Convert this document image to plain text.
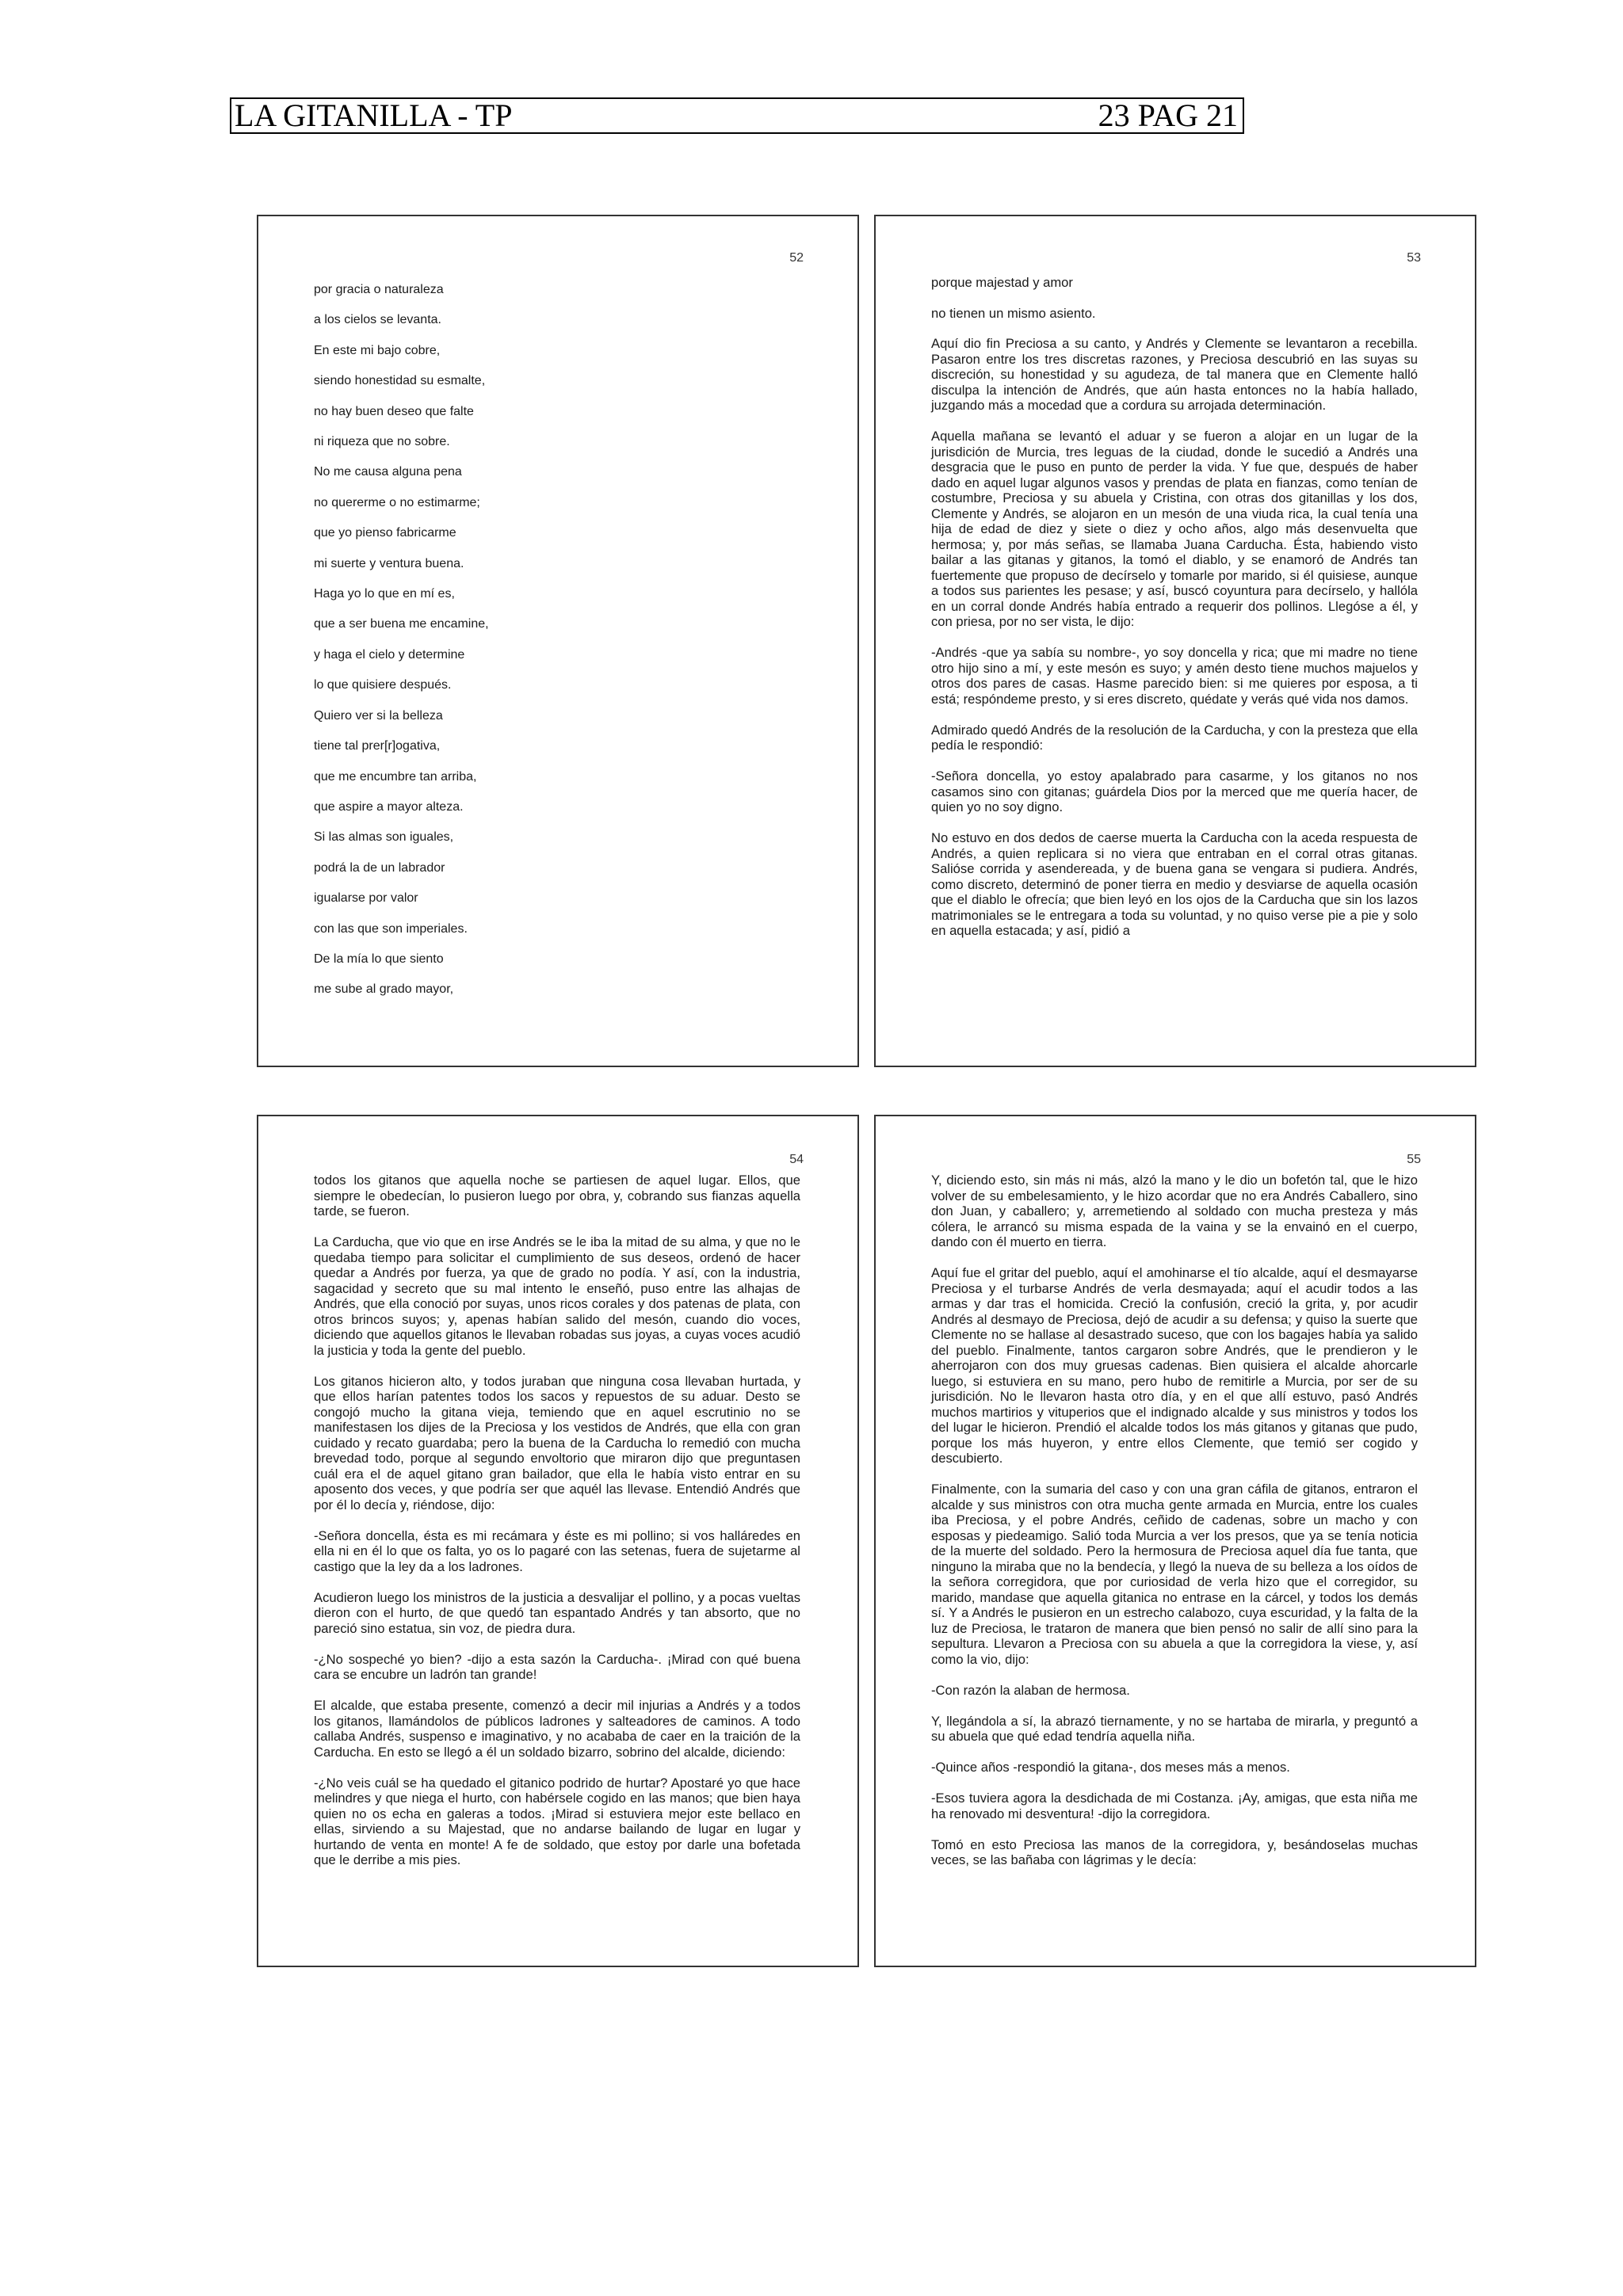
LA GITANILLA - TP	23 PAG 21
52
por gracia o naturaleza
a los cielos se levanta.
En este mi bajo cobre,
siendo honestidad su esmalte,
no hay buen deseo que falte
ni riqueza que no sobre.
No me causa alguna pena
no quererme o no estimarme;
que yo pienso fabricarme
mi suerte y ventura buena.
Haga yo lo que en mí es,
que a ser buena me encamine,
y haga el cielo y determine
lo que quisiere después.
Quiero ver si la belleza
tiene tal prer[r]ogativa,
que me encumbre tan arriba,
que aspire a mayor alteza.
Si las almas son iguales,
podrá la de un labrador
igualarse por valor
con las que son imperiales.
De la mía lo que siento
me sube al grado mayor,
53

porque majestad y amor

no tienen un mismo asiento.

Aquí dio fin Preciosa a su canto, y Andrés y Clemente se levantaron a recebilla. Pasaron entre los tres discretas razones, y Preciosa descubrió en las suyas su discreción, su honestidad y su agudeza, de tal manera que en Clemente halló disculpa la intención de Andrés, que aún hasta entonces no la había hallado, juzgando más a mocedad que a cordura su arrojada determinación.

Aquella mañana se levantó el aduar y se fueron a alojar en un lugar de la jurisdición de Murcia, tres leguas de la ciudad, donde le sucedió a Andrés una desgracia que le puso en punto de perder la vida. Y fue que, después de haber dado en aquel lugar algunos vasos y prendas de plata en fianzas, como tenían de costumbre, Preciosa y su abuela y Cristina, con otras dos gitanillas y los dos, Clemente y Andrés, se alojaron en un mesón de una viuda rica, la cual tenía una hija de edad de diez y siete o diez y ocho años, algo más desenvuelta que hermosa; y, por más señas, se llamaba Juana Carducha. Ésta, habiendo visto bailar a las gitanas y gitanos, la tomó el diablo, y se enamoró de Andrés tan fuertemente que propuso de decírselo y tomarle por marido, si él quisiese, aunque a todos sus parientes les pesase; y así, buscó coyuntura para decírselo, y hallóla en un corral donde Andrés había entrado a requerir dos pollinos. Llegóse a él, y con priesa, por no ser vista, le dijo:

-Andrés -que ya sabía su nombre-, yo soy doncella y rica; que mi madre no tiene otro hijo sino a mí, y este mesón es suyo; y amén desto tiene muchos majuelos y otros dos pares de casas. Hasme parecido bien: si me quieres por esposa, a ti está; respóndeme presto, y si eres discreto, quédate y verás qué vida nos damos.

Admirado quedó Andrés de la resolución de la Carducha, y con la presteza que ella pedía le respondió:

-Señora doncella, yo estoy apalabrado para casarme, y los gitanos no nos casamos sino con gitanas; guárdela Dios por la merced que me quería hacer, de quien yo no soy digno.

No estuvo en dos dedos de caerse muerta la Carducha con la aceda respuesta de Andrés, a quien replicara si no viera que entraban en el corral otras gitanas. Salióse corrida y asendereada, y de buena gana se vengara si pudiera. Andrés, como discreto, determinó de poner tierra en medio y desviarse de aquella ocasión que el diablo le ofrecía; que bien leyó en los ojos de la Carducha que sin los lazos matrimoniales se le entregara a toda su voluntad, y no quiso verse pie a pie y solo en aquella estacada; y así, pidió a

54

todos los gitanos que aquella noche se partiesen de aquel lugar. Ellos, que siempre le obedecían, lo pusieron luego por obra, y, cobrando sus fianzas aquella tarde, se fueron.

La Carducha, que vio que en irse Andrés se le iba la mitad de su alma, y que no le quedaba tiempo para solicitar el cumplimiento de sus deseos, ordenó de hacer quedar a Andrés por fuerza, ya que de grado no podía. Y así, con la industria, sagacidad y secreto que su mal intento le enseñó, puso entre las alhajas de Andrés, que ella conoció por suyas, unos ricos corales y dos patenas de plata, con otros brincos suyos; y, apenas habían salido del mesón, cuando dio voces, diciendo que aquellos gitanos le llevaban robadas sus joyas, a cuyas voces acudió la justicia y toda la gente del pueblo.

Los gitanos hicieron alto, y todos juraban que ninguna cosa llevaban hurtada, y que ellos harían patentes todos los sacos y repuestos de su aduar. Desto se congojó mucho la gitana vieja, temiendo que en aquel escrutinio no se manifestasen los dijes de la Preciosa y los vestidos de Andrés, que ella con gran cuidado y recato guardaba; pero la buena de la Carducha lo remedió con mucha brevedad todo, porque al segundo envoltorio que miraron dijo que preguntasen cuál era el de aquel gitano gran bailador, que ella le había visto entrar en su aposento dos veces, y que podría ser que aquél las llevase. Entendió Andrés que por él lo decía y, riéndose, dijo:

-Señora doncella, ésta es mi recámara y éste es mi pollino; si vos halláredes en ella ni en él lo que os falta, yo os lo pagaré con las setenas, fuera de sujetarme al castigo que la ley da a los ladrones.

Acudieron luego los ministros de la justicia a desvalijar el pollino, y a pocas vueltas dieron con el hurto, de que quedó tan espantado Andrés y tan absorto, que no pareció sino estatua, sin voz, de piedra dura.

-¿No sospeché yo bien? -dijo a esta sazón la Carducha-. ¡Mirad con qué buena cara se encubre un ladrón tan grande!

El alcalde, que estaba presente, comenzó a decir mil injurias a Andrés y a todos los gitanos, llamándolos de públicos ladrones y salteadores de caminos. A todo callaba Andrés, suspenso e imaginativo, y no acababa de caer en la traición de la Carducha. En esto se llegó a él un soldado bizarro, sobrino del alcalde, diciendo:

-¿No veis cuál se ha quedado el gitanico podrido de hurtar? Apostaré yo que hace melindres y que niega el hurto, con habérsele cogido en las manos; que bien haya quien no os echa en galeras a todos. ¡Mirad si estuviera mejor este bellaco en ellas, sirviendo a su Majestad, que no andarse bailando de lugar en lugar y hurtando de venta en monte! A fe de soldado, que estoy por darle una bofetada que le derribe a mis pies.

55

Y, diciendo esto, sin más ni más, alzó la mano y le dio un bofetón tal, que le hizo volver de su embelesamiento, y le hizo acordar que no era Andrés Caballero, sino don Juan, y caballero; y, arremetiendo al soldado con mucha presteza y más cólera, le arrancó su misma espada de la vaina y se la envainó en el cuerpo, dando con él muerto en tierra.

Aquí fue el gritar del pueblo, aquí el amohinarse el tío alcalde, aquí el desmayarse Preciosa y el turbarse Andrés de verla desmayada; aquí el acudir todos a las armas y dar tras el homicida. Creció la confusión, creció la grita, y, por acudir Andrés al desmayo de Preciosa, dejó de acudir a su defensa; y quiso la suerte que Clemente no se hallase al desastrado suceso, que con los bagajes había ya salido del pueblo. Finalmente, tantos cargaron sobre Andrés, que le prendieron y le aherrojaron con dos muy gruesas cadenas. Bien quisiera el alcalde ahorcarle luego, si estuviera en su mano, pero hubo de remitirle a Murcia, por ser de su jurisdición. No le llevaron hasta otro día, y en el que allí estuvo, pasó Andrés muchos martirios y vituperios que el indignado alcalde y sus ministros y todos los del lugar le hicieron. Prendió el alcalde todos los más gitanos y gitanas que pudo, porque los más huyeron, y entre ellos Clemente, que temió ser cogido y descubierto.

Finalmente, con la sumaria del caso y con una gran cáfila de gitanos, entraron el alcalde y sus ministros con otra mucha gente armada en Murcia, entre los cuales iba Preciosa, y el pobre Andrés, ceñido de cadenas, sobre un macho y con esposas y piedeamigo. Salió toda Murcia a ver los presos, que ya se tenía noticia de la muerte del soldado. Pero la hermosura de Preciosa aquel día fue tanta, que ninguno la miraba que no la bendecía, y llegó la nueva de su belleza a los oídos de la señora corregidora, que por curiosidad de verla hizo que el corregidor, su marido, mandase que aquella gitanica no entrase en la cárcel, y todos los demás sí. Y a Andrés le pusieron en un estrecho calabozo, cuya escuridad, y la falta de la luz de Preciosa, le trataron de manera que bien pensó no salir de allí sino para la sepultura. Llevaron a Preciosa con su abuela a que la corregidora la viese, y, así como la vio, dijo:

-Con razón la alaban de hermosa.

Y, llegándola a sí, la abrazó tiernamente, y no se hartaba de mirarla, y preguntó a su abuela que qué edad tendría aquella niña.

-Quince años -respondió la gitana-, dos meses más a menos.

-Esos tuviera agora la desdichada de mi Costanza. ¡Ay, amigas, que esta niña me ha renovado mi desventura! -dijo la corregidora.

Tomó en esto Preciosa las manos de la corregidora, y, besándoselas muchas veces, se las bañaba con lágrimas y le decía:
